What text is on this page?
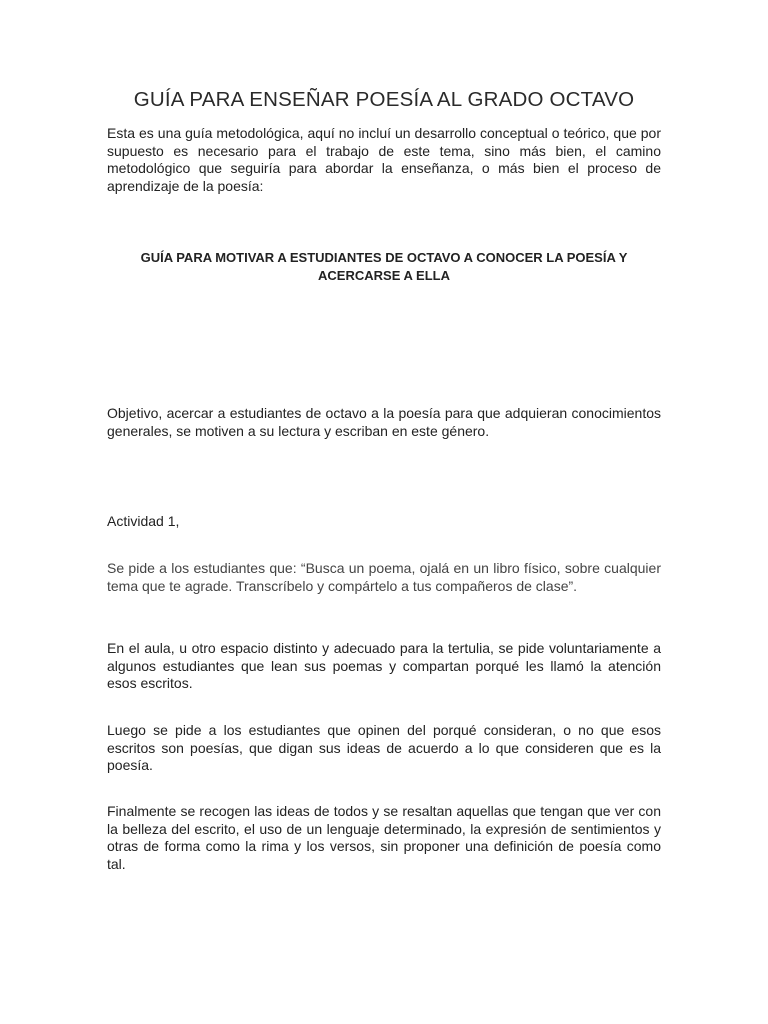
GUÍA PARA ENSEÑAR POESÍA AL GRADO OCTAVO

Esta es una guía metodológica, aquí no incluí un desarrollo conceptual o teórico, que por supuesto es necesario para el trabajo de este tema, sino más bien, el camino metodológico que seguiría para abordar la enseñanza, o más bien el proceso de aprendizaje de la poesía:

GUÍA PARA MOTIVAR A ESTUDIANTES DE OCTAVO A CONOCER LA POESÍA Y ACERCARSE A ELLA

Objetivo, acercar a estudiantes de octavo a la poesía para que adquieran conocimientos generales, se motiven a su lectura y escriban en este género.

Actividad 1,

Se pide a los estudiantes que: “Busca un poema, ojalá en un libro físico, sobre cualquier tema que te agrade. Transcríbelo y compártelo a tus compañeros de clase”.

En el aula, u otro espacio distinto y adecuado para la tertulia, se pide voluntariamente a algunos estudiantes que lean sus poemas y compartan porqué les llamó la atención esos escritos.

Luego se pide a los estudiantes que opinen del porqué consideran, o no que esos escritos son poesías, que digan sus ideas de acuerdo a lo que consideren que es la poesía.

Finalmente se recogen las ideas de todos y se resaltan aquellas que tengan que ver con la belleza del escrito, el uso de un lenguaje determinado, la expresión de sentimientos y otras de forma como la rima y los versos, sin proponer una definición de poesía como tal.
